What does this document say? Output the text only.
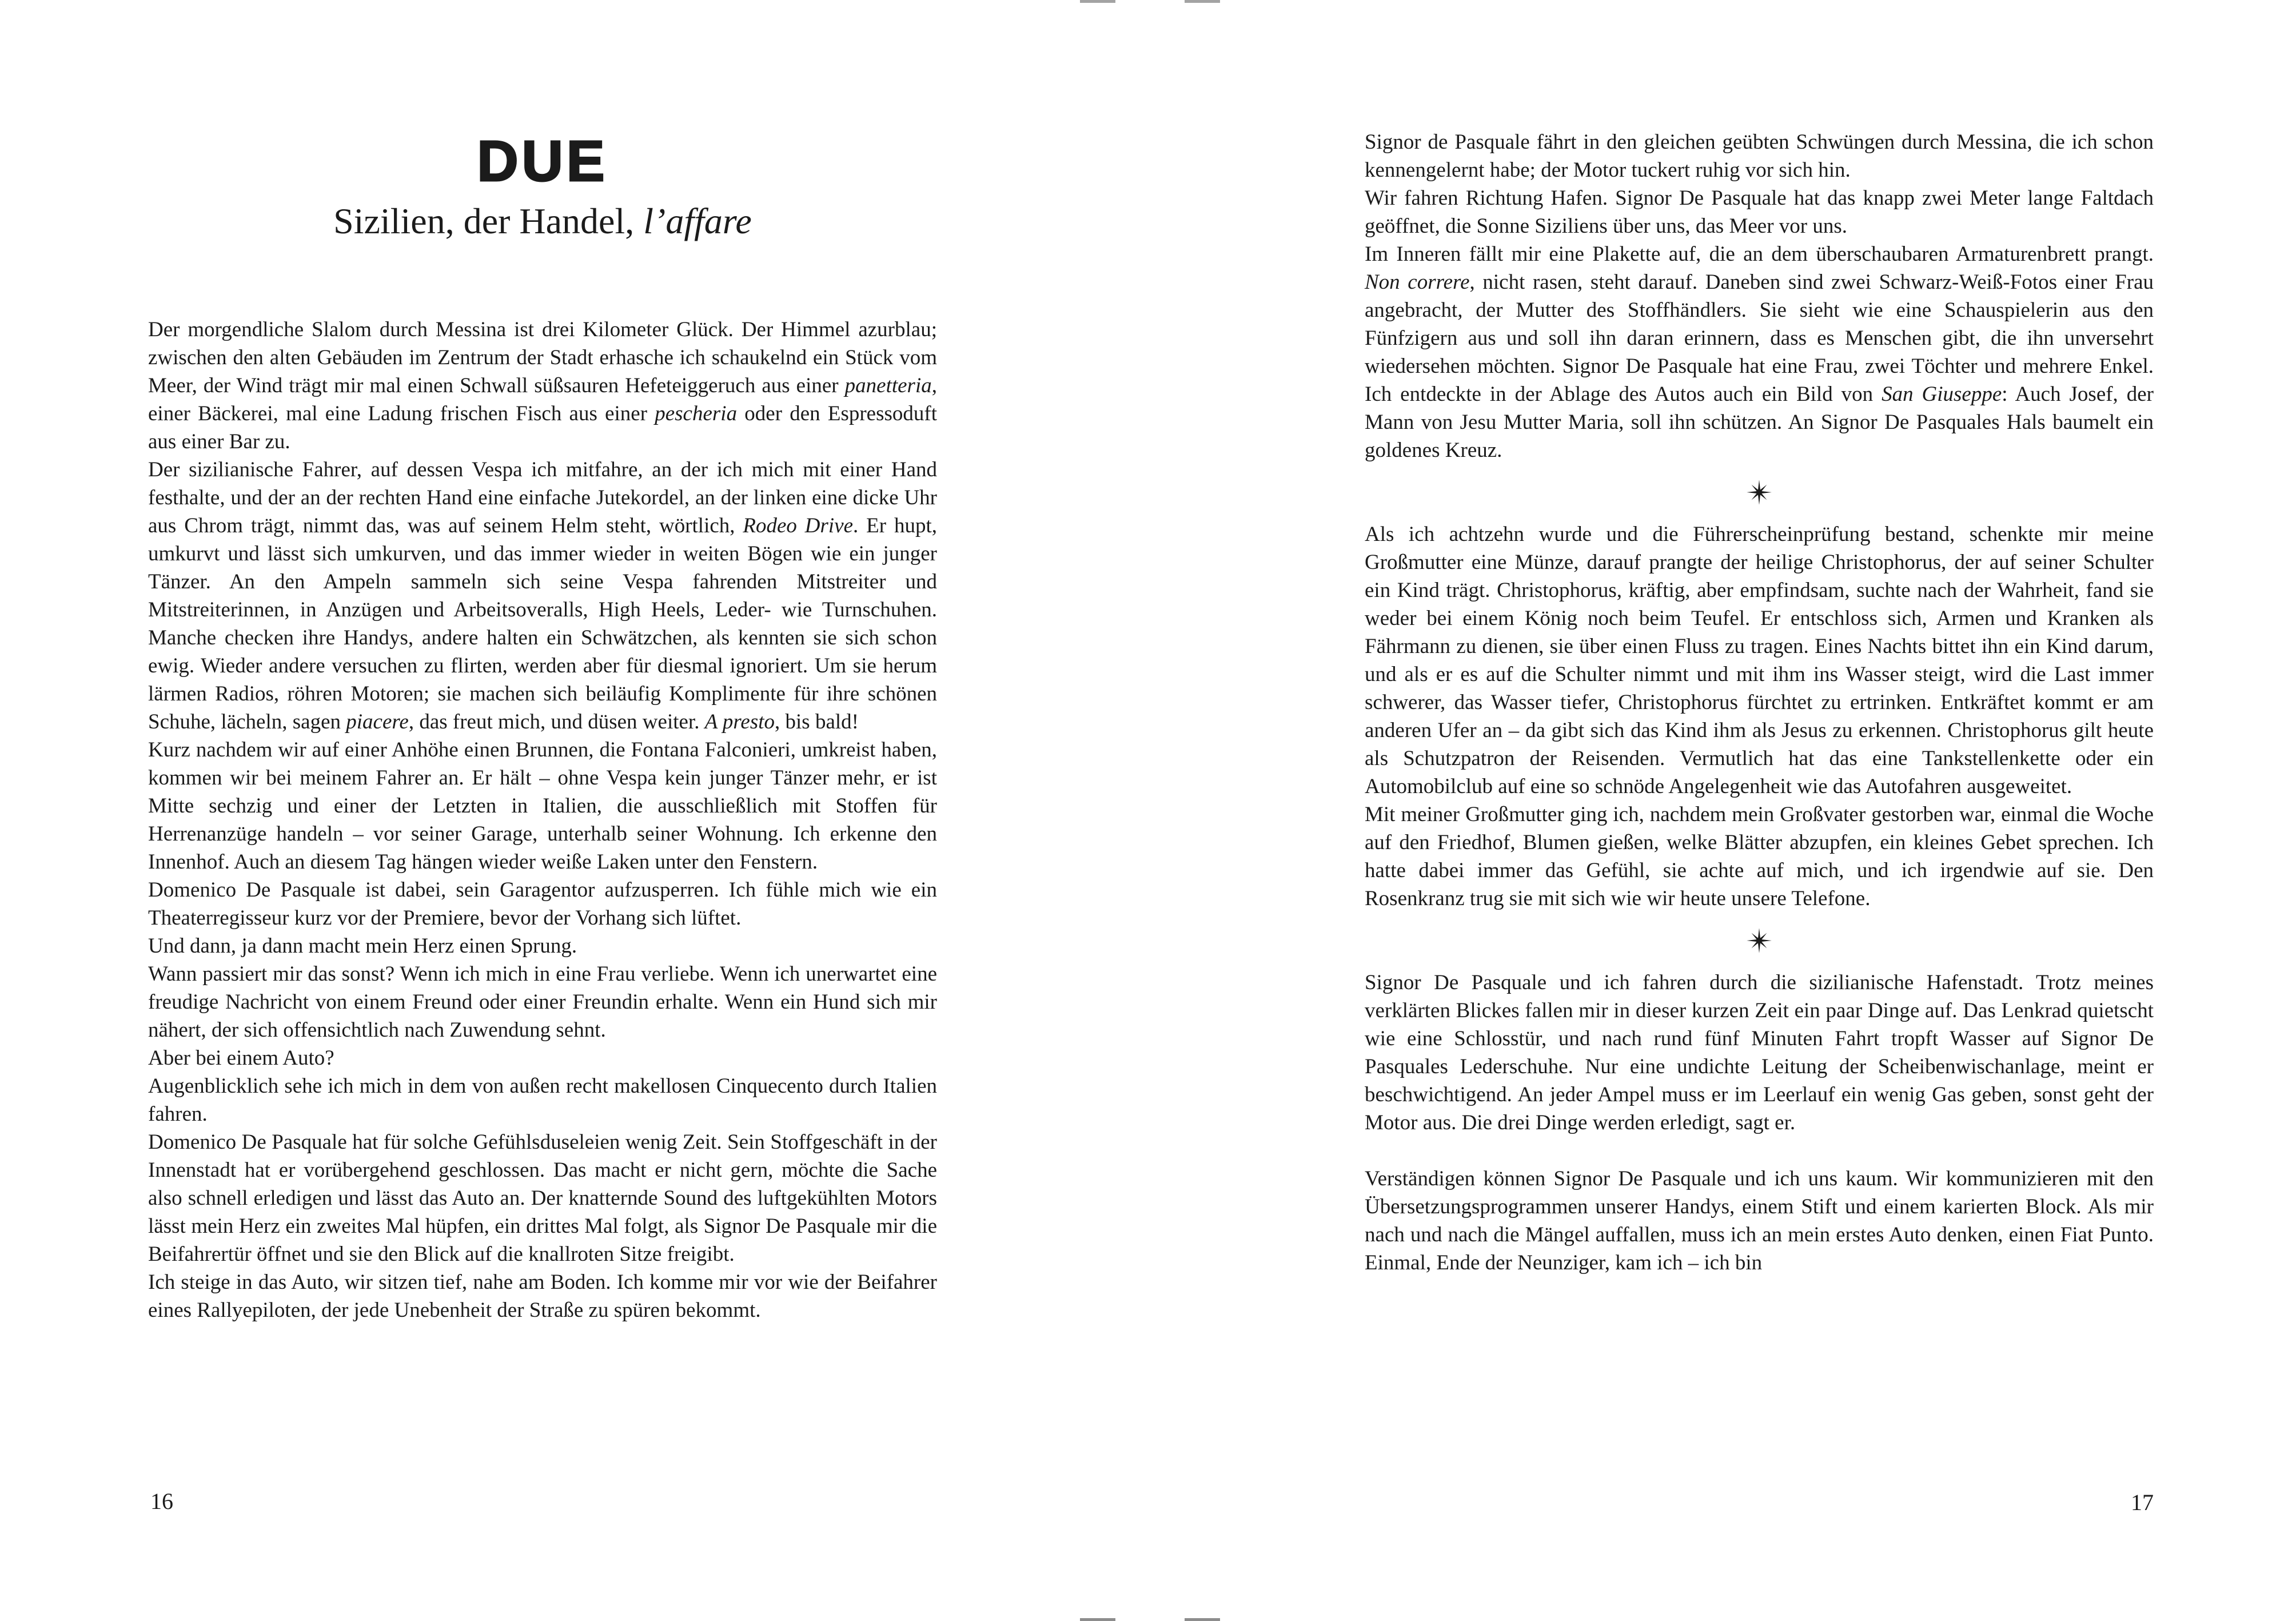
DUE
Sizilien, der Handel, l’affare

Der morgendliche Slalom durch Messina ist drei Kilometer Glück. Der Himmel azurblau; zwischen den alten Gebäuden im Zentrum der Stadt erhasche ich schaukelnd ein Stück vom Meer, der Wind trägt mir mal einen Schwall süßsauren Hefeteiggeruch aus einer panetteria, einer Bäckerei, mal eine Ladung frischen Fisch aus einer pescheria oder den Espressoduft aus einer Bar zu.

Der sizilianische Fahrer, auf dessen Vespa ich mitfahre, an der ich mich mit einer Hand festhalte, und der an der rechten Hand eine einfache Jutekordel, an der linken eine dicke Uhr aus Chrom trägt, nimmt das, was auf seinem Helm steht, wörtlich, Rodeo Drive. Er hupt, umkurvt und lässt sich umkurven, und das immer wieder in weiten Bögen wie ein junger Tänzer. An den Ampeln sammeln sich seine Vespa fahrenden Mitstreiter und Mitstreiterinnen, in Anzügen und Arbeitsoveralls, High Heels, Leder- wie Turnschuhen. Manche checken ihre Handys, andere halten ein Schwätzchen, als kennten sie sich schon ewig. Wieder andere versuchen zu flirten, werden aber für diesmal ignoriert. Um sie herum lärmen Radios, röhren Motoren; sie machen sich beiläufig Komplimente für ihre schönen Schuhe, lächeln, sagen piacere, das freut mich, und düsen weiter. A presto, bis bald!

Kurz nachdem wir auf einer Anhöhe einen Brunnen, die Fontana Falconieri, umkreist haben, kommen wir bei meinem Fahrer an. Er hält – ohne Vespa kein junger Tänzer mehr, er ist Mitte sechzig und einer der Letzten in Italien, die ausschließlich mit Stoffen für Herrenanzüge handeln – vor seiner Garage, unterhalb seiner Wohnung. Ich erkenne den Innenhof. Auch an diesem Tag hängen wieder weiße Laken unter den Fenstern.

Domenico De Pasquale ist dabei, sein Garagentor aufzusperren. Ich fühle mich wie ein Theaterregisseur kurz vor der Premiere, bevor der Vorhang sich lüftet.

Und dann, ja dann macht mein Herz einen Sprung.

Wann passiert mir das sonst? Wenn ich mich in eine Frau verliebe. Wenn ich unerwartet eine freudige Nachricht von einem Freund oder einer Freundin erhalte. Wenn ein Hund sich mir nähert, der sich offensichtlich nach Zuwendung sehnt.

Aber bei einem Auto?

Augenblicklich sehe ich mich in dem von außen recht makellosen Cinquecento durch Italien fahren.

Domenico De Pasquale hat für solche Gefühlsduseleien wenig Zeit. Sein Stoffgeschäft in der Innenstadt hat er vorübergehend geschlossen. Das macht er nicht gern, möchte die Sache also schnell erledigen und lässt das Auto an. Der knatternde Sound des luftgekühlten Motors lässt mein Herz ein zweites Mal hüpfen, ein drittes Mal folgt, als Signor De Pasquale mir die Beifahrertür öffnet und sie den Blick auf die knallroten Sitze freigibt.

Ich steige in das Auto, wir sitzen tief, nahe am Boden. Ich komme mir vor wie der Beifahrer eines Rallyepiloten, der jede Unebenheit der Straße zu spüren bekommt.

16

Signor de Pasquale fährt in den gleichen geübten Schwüngen durch Messina, die ich schon kennengelernt habe; der Motor tuckert ruhig vor sich hin.

Wir fahren Richtung Hafen. Signor De Pasquale hat das knapp zwei Meter lange Faltdach geöffnet, die Sonne Siziliens über uns, das Meer vor uns.

Im Inneren fällt mir eine Plakette auf, die an dem überschaubaren Armaturenbrett prangt. Non correre, nicht rasen, steht darauf. Daneben sind zwei Schwarz-Weiß-Fotos einer Frau angebracht, der Mutter des Stoffhändlers. Sie sieht wie eine Schauspielerin aus den Fünfzigern aus und soll ihn daran erinnern, dass es Menschen gibt, die ihn unversehrt wiedersehen möchten. Signor De Pasquale hat eine Frau, zwei Töchter und mehrere Enkel. Ich entdeckte in der Ablage des Autos auch ein Bild von San Giuseppe: Auch Josef, der Mann von Jesu Mutter Maria, soll ihn schützen. An Signor De Pasquales Hals baumelt ein goldenes Kreuz.

Als ich achtzehn wurde und die Führerscheinprüfung bestand, schenkte mir meine Großmutter eine Münze, darauf prangte der heilige Christophorus, der auf seiner Schulter ein Kind trägt. Christophorus, kräftig, aber empfindsam, suchte nach der Wahrheit, fand sie weder bei einem König noch beim Teufel. Er entschloss sich, Armen und Kranken als Fährmann zu dienen, sie über einen Fluss zu tragen. Eines Nachts bittet ihn ein Kind darum, und als er es auf die Schulter nimmt und mit ihm ins Wasser steigt, wird die Last immer schwerer, das Wasser tiefer, Christophorus fürchtet zu ertrinken. Entkräftet kommt er am anderen Ufer an – da gibt sich das Kind ihm als Jesus zu erkennen. Christophorus gilt heute als Schutzpatron der Reisenden. Vermutlich hat das eine Tankstellenkette oder ein Automobilclub auf eine so schnöde Angelegenheit wie das Autofahren ausgeweitet.

Mit meiner Großmutter ging ich, nachdem mein Großvater gestorben war, einmal die Woche auf den Friedhof, Blumen gießen, welke Blätter abzupfen, ein kleines Gebet sprechen. Ich hatte dabei immer das Gefühl, sie achte auf mich, und ich irgendwie auf sie. Den Rosenkranz trug sie mit sich wie wir heute unsere Telefone.

Signor De Pasquale und ich fahren durch die sizilianische Hafenstadt. Trotz meines verklärten Blickes fallen mir in dieser kurzen Zeit ein paar Dinge auf. Das Lenkrad quietscht wie eine Schlosstür, und nach rund fünf Minuten Fahrt tropft Wasser auf Signor De Pasquales Lederschuhe. Nur eine undichte Leitung der Scheibenwischanlage, meint er beschwichtigend. An jeder Ampel muss er im Leerlauf ein wenig Gas geben, sonst geht der Motor aus. Die drei Dinge werden erledigt, sagt er.

Verständigen können Signor De Pasquale und ich uns kaum. Wir kommunizieren mit den Übersetzungsprogrammen unserer Handys, einem Stift und einem karierten Block. Als mir nach und nach die Mängel auffallen, muss ich an mein erstes Auto denken, einen Fiat Punto. Einmal, Ende der Neunziger, kam ich – ich bin

17
